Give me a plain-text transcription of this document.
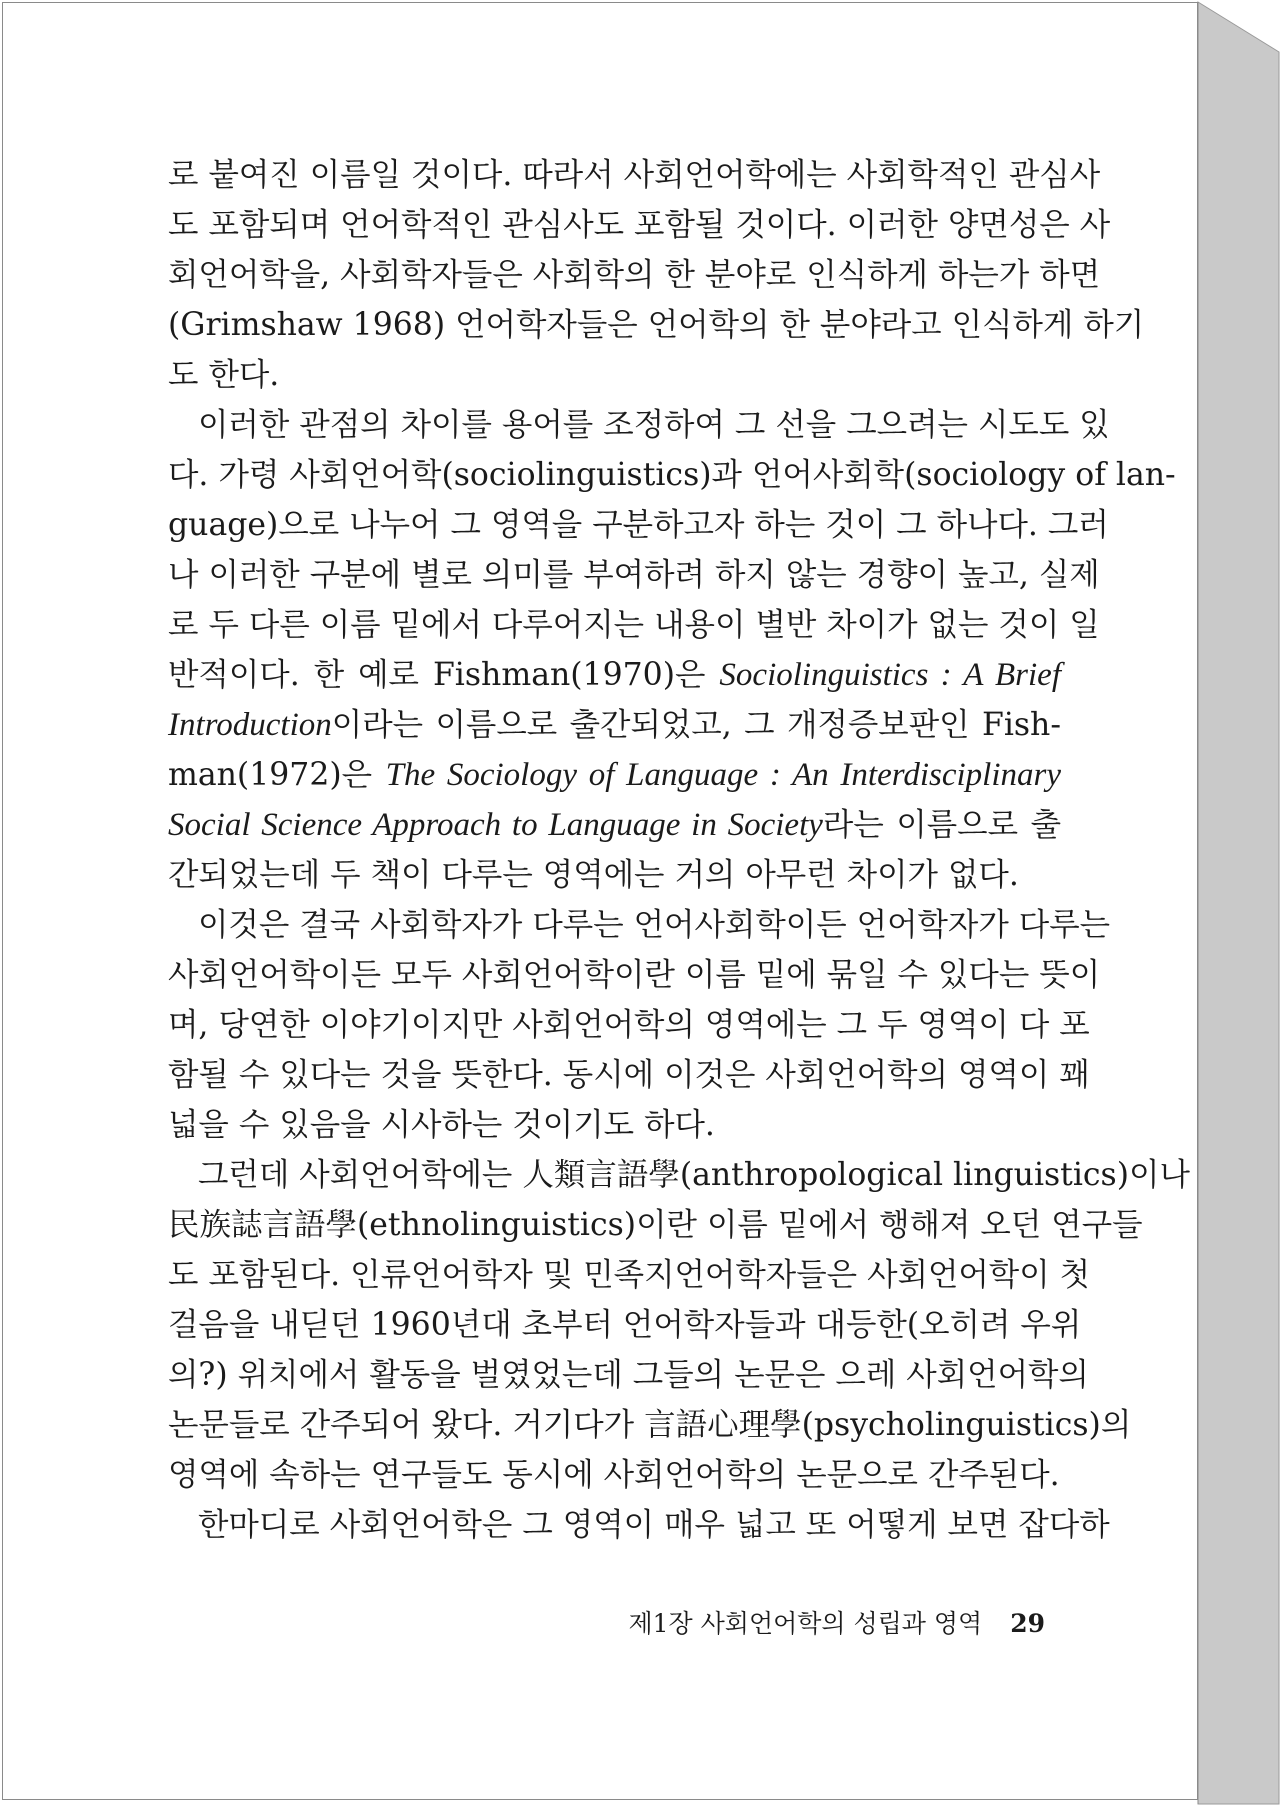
로 붙여진 이름일 것이다. 따라서 사회언어학에는 사회학적인 관심사
도 포함되며 언어학적인 관심사도 포함될 것이다. 이러한 양면성은 사
회언어학을, 사회학자들은 사회학의 한 분야로 인식하게 하는가 하면
(Grimshaw 1968) 언어학자들은 언어학의 한 분야라고 인식하게 하기
도 한다.
이러한 관점의 차이를 용어를 조정하여 그 선을 그으려는 시도도 있
다. 가령 사회언어학(sociolinguistics)과 언어사회학(sociology of lan-
guage)으로 나누어 그 영역을 구분하고자 하는 것이 그 하나다. 그러
나 이러한 구분에 별로 의미를 부여하려 하지 않는 경향이 높고, 실제
로 두 다른 이름 밑에서 다루어지는 내용이 별반 차이가 없는 것이 일
반적이다. 한 예로 Fishman(1970)은 Sociolinguistics : A Brief
Introduction이라는 이름으로 출간되었고, 그 개정증보판인 Fish-
man(1972)은 The Sociology of Language : An Interdisciplinary
Social Science Approach to Language in Society라는 이름으로 출
간되었는데 두 책이 다루는 영역에는 거의 아무런 차이가 없다.
이것은 결국 사회학자가 다루는 언어사회학이든 언어학자가 다루는
사회언어학이든 모두 사회언어학이란 이름 밑에 묶일 수 있다는 뜻이
며, 당연한 이야기이지만 사회언어학의 영역에는 그 두 영역이 다 포
함될 수 있다는 것을 뜻한다. 동시에 이것은 사회언어학의 영역이 꽤
넓을 수 있음을 시사하는 것이기도 하다.
그런데 사회언어학에는 人類言語學(anthropological linguistics)이나
民族誌言語學(ethnolinguistics)이란 이름 밑에서 행해져 오던 연구들
도 포함된다. 인류언어학자 및 민족지언어학자들은 사회언어학이 첫
걸음을 내딛던 1960년대 초부터 언어학자들과 대등한(오히려 우위
의?) 위치에서 활동을 벌였었는데 그들의 논문은 으레 사회언어학의
논문들로 간주되어 왔다. 거기다가 言語心理學(psycholinguistics)의
영역에 속하는 연구들도 동시에 사회언어학의 논문으로 간주된다.
한마디로 사회언어학은 그 영역이 매우 넓고 또 어떻게 보면 잡다하
제1장 사회언어학의 성립과 영역 29
